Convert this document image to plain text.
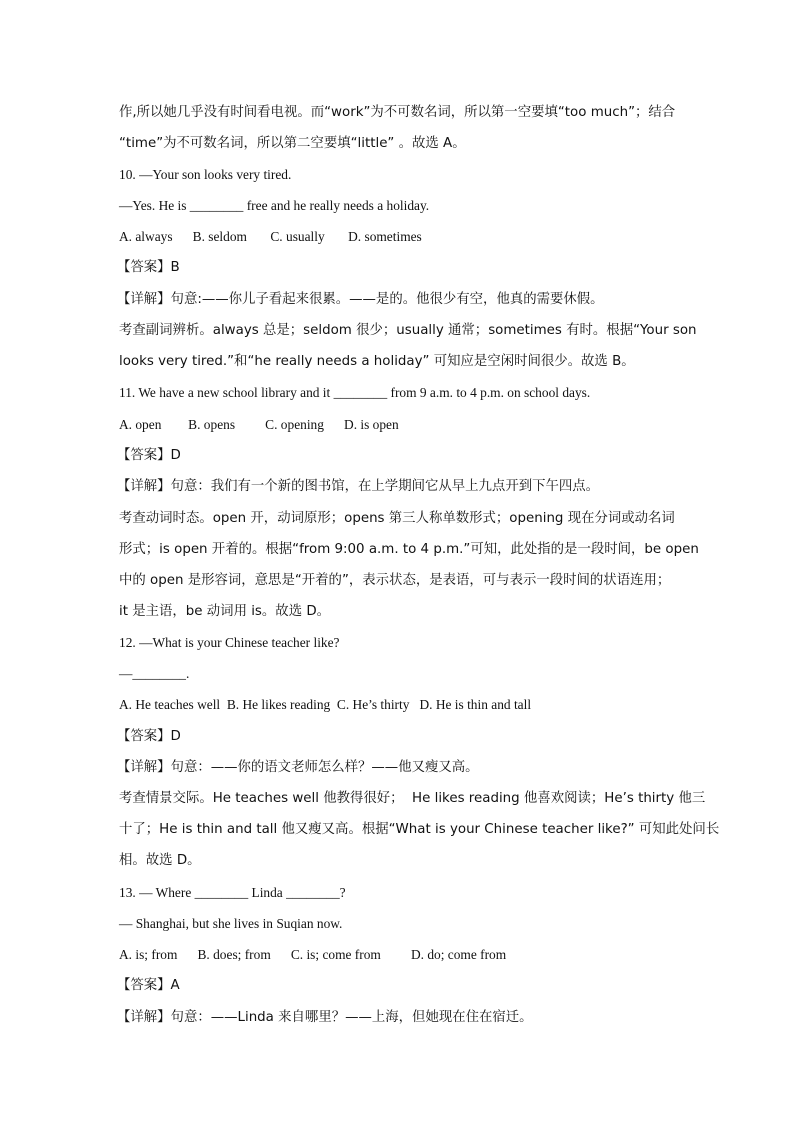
作,所以她几乎没有时间看电视。而“work”为不可数名词，所以第一空要填“too much”；结合
“time”为不可数名词，所以第二空要填“little” 。故选 A。
10. —Your son looks very tired.
—Yes. He is ________ free and he really needs a holiday.
A. always      B. seldom       C. usually       D. sometimes
【答案】B
【详解】句意:——你儿子看起来很累。——是的。他很少有空，他真的需要休假。
考查副词辨析。always 总是；seldom 很少；usually 通常；sometimes 有时。根据“Your son
looks very tired.”和“he really needs a holiday” 可知应是空闲时间很少。故选 B。
11. We have a new school library and it ________ from 9 a.m. to 4 p.m. on school days.
A. open        B. opens         C. opening      D. is open
【答案】D
【详解】句意：我们有一个新的图书馆，在上学期间它从早上九点开到下午四点。
考查动词时态。open 开，动词原形；opens 第三人称单数形式；opening 现在分词或动名词
形式；is open 开着的。根据“from 9:00 a.m. to 4 p.m.”可知，此处指的是一段时间，be open
中的 open 是形容词，意思是“开着的”，表示状态，是表语，可与表示一段时间的状语连用；
it 是主语，be 动词用 is。故选 D。
12. —What is your Chinese teacher like?
—________.
A. He teaches well  B. He likes reading  C. He’s thirty   D. He is thin and tall
【答案】D
【详解】句意：——你的语文老师怎么样？——他又瘦又高。
考查情景交际。He teaches well 他教得很好；  He likes reading 他喜欢阅读；He’s thirty 他三
十了；He is thin and tall 他又瘦又高。根据“What is your Chinese teacher like?” 可知此处问长
相。故选 D。
13. — Where ________ Linda ________?
— Shanghai, but she lives in Suqian now.
A. is; from      B. does; from      C. is; come from         D. do; come from
【答案】A
【详解】句意：——Linda 来自哪里？——上海，但她现在住在宿迁。
